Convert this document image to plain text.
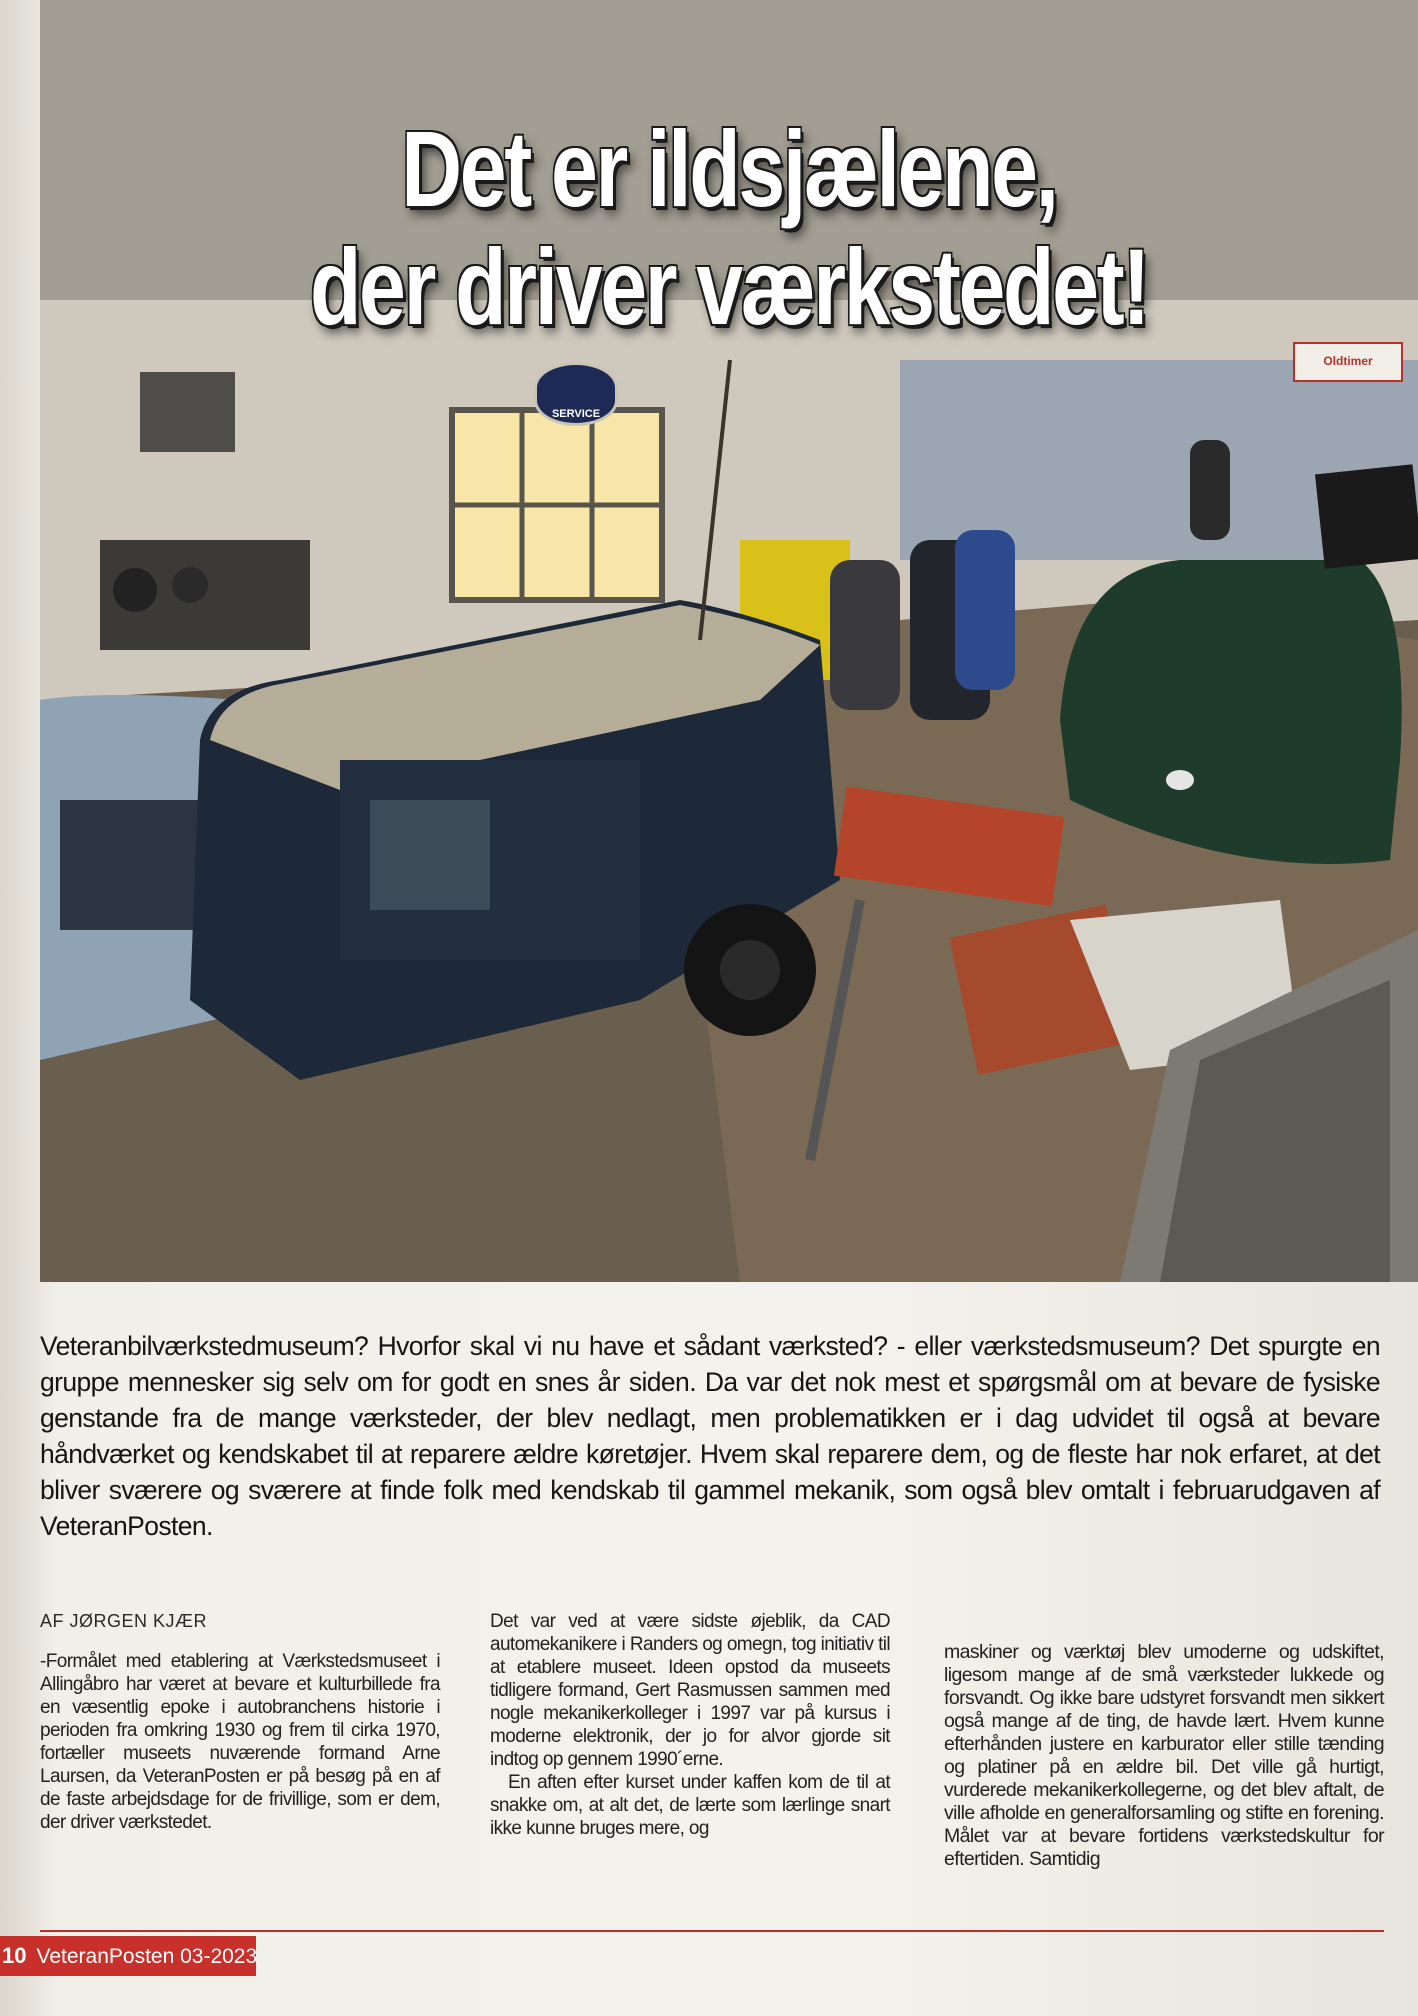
SERVICE
Oldtimer
Det er ildsjælene,
der driver værkstedet!
Veteranbilværkstedmuseum? Hvorfor skal vi nu have et sådant værksted? - eller værkstedsmuseum? Det spurgte en gruppe mennesker sig selv om for godt en snes år siden. Da var det nok mest et spørgsmål om at bevare de fysiske genstande fra de mange værksteder, der blev nedlagt, men problematikken er i dag udvidet til også at bevare håndværket og kendskabet til at reparere ældre køretøjer. Hvem skal reparere dem, og de fleste har nok erfaret, at det bliver sværere og sværere at finde folk med kendskab til gammel mekanik, som også blev omtalt i februarudgaven af VeteranPosten.

AF JØRGEN KJÆR

-Formålet med etablering at Værkstedsmuseet i Allingåbro har været at bevare et kulturbillede fra en væsentlig epoke i autobranchens historie i perioden fra omkring 1930 og frem til cirka 1970, fortæller museets nuværende formand Arne Laursen, da VeteranPosten er på besøg på en af de faste arbejdsdage for de frivillige, som er dem, der driver værkstedet.

Det var ved at være sidste øjeblik, da CAD automekanikere i Randers og omegn, tog initiativ til at etablere museet. Ideen opstod da museets tidligere formand, Gert Rasmussen sammen med nogle mekanikerkolleger i 1997 var på kursus i moderne elektronik, der jo for alvor gjorde sit indtog op gennem 1990´erne.

En aften efter kurset under kaffen kom de til at snakke om, at alt det, de lærte som lærlinge snart ikke kunne bruges mere, og

maskiner og værktøj blev umoderne og udskiftet, ligesom mange af de små værksteder lukkede og forsvandt. Og ikke bare udstyret forsvandt men sikkert også mange af de ting, de havde lært. Hvem kunne efterhånden justere en karburator eller stille tænding og platiner på en ældre bil. Det ville gå hurtigt, vurderede mekanikerkollegerne, og det blev aftalt, de ville afholde en generalforsamling og stifte en forening. Målet var at bevare fortidens værkstedskultur for eftertiden. Samtidig

10 VeteranPosten 03-2023
